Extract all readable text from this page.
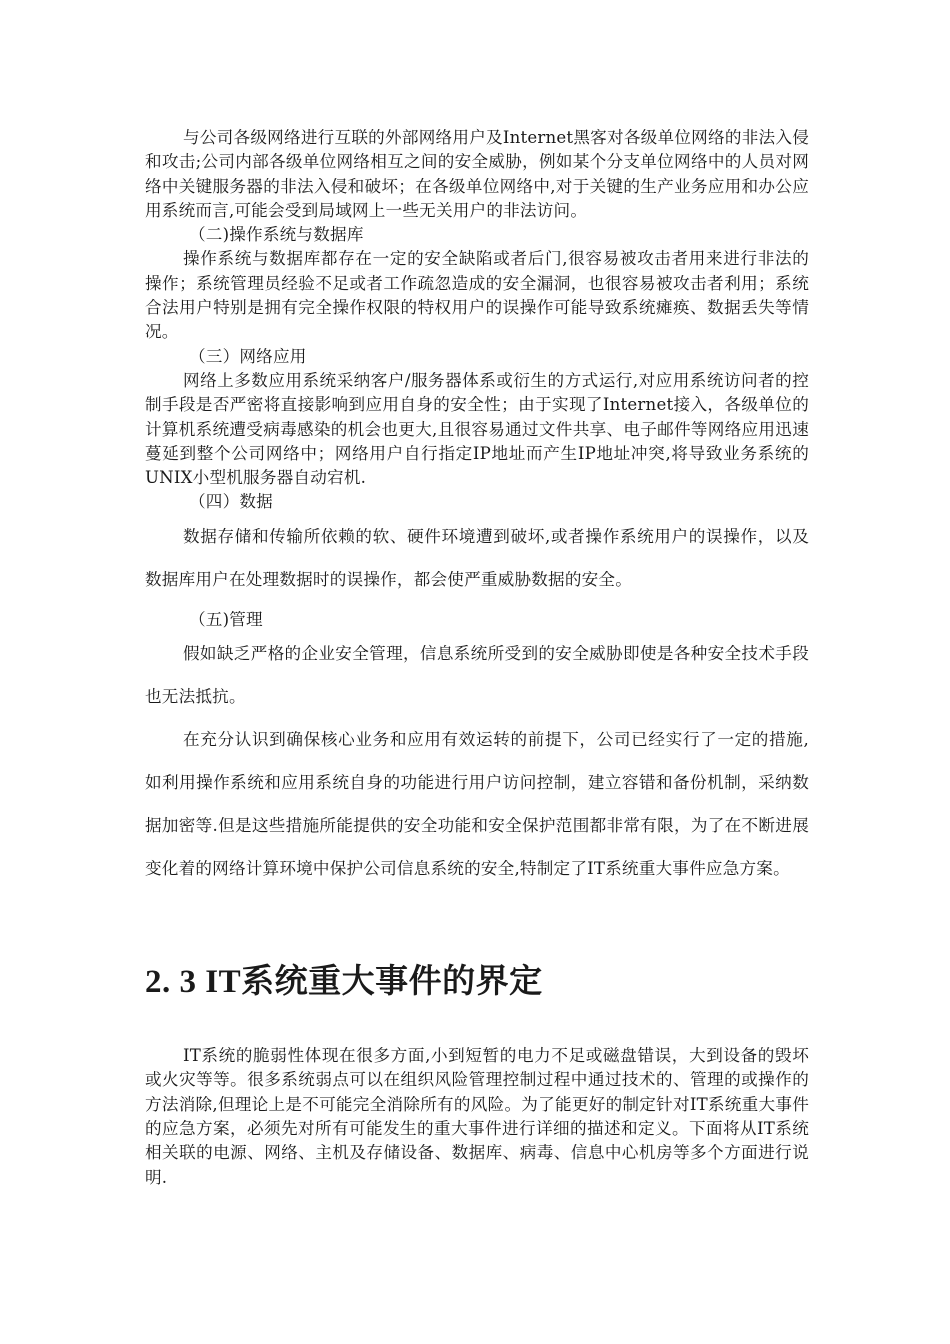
与公司各级网络进行互联的外部网络用户及Internet黑客对各级单位网络的非法入侵和攻击;公司内部各级单位网络相互之间的安全威胁，例如某个分支单位网络中的人员对网络中关键服务器的非法入侵和破坏；在各级单位网络中,对于关键的生产业务应用和办公应用系统而言,可能会受到局域网上一些无关用户的非法访问。

（二)操作系统与数据库

操作系统与数据库都存在一定的安全缺陷或者后门,很容易被攻击者用来进行非法的操作；系统管理员经验不足或者工作疏忽造成的安全漏洞，也很容易被攻击者利用；系统合法用户特别是拥有完全操作权限的特权用户的误操作可能导致系统瘫痪、数据丢失等情况。

（三）网络应用

网络上多数应用系统采纳客户/服务器体系或衍生的方式运行,对应用系统访问者的控制手段是否严密将直接影响到应用自身的安全性；由于实现了Internet接入，各级单位的计算机系统遭受病毒感染的机会也更大,且很容易通过文件共享、电子邮件等网络应用迅速蔓延到整个公司网络中；网络用户自行指定IP地址而产生IP地址冲突,将导致业务系统的UNIX小型机服务器自动宕机.

（四）数据

数据存储和传输所依赖的软、硬件环境遭到破坏,或者操作系统用户的误操作，以及数据库用户在处理数据时的误操作，都会使严重威胁数据的安全。

（五)管理

假如缺乏严格的企业安全管理，信息系统所受到的安全威胁即使是各种安全技术手段也无法抵抗。

在充分认识到确保核心业务和应用有效运转的前提下，公司已经实行了一定的措施,如利用操作系统和应用系统自身的功能进行用户访问控制，建立容错和备份机制，采纳数据加密等.但是这些措施所能提供的安全功能和安全保护范围都非常有限，为了在不断进展变化着的网络计算环境中保护公司信息系统的安全,特制定了IT系统重大事件应急方案。

2. 3 IT系统重大事件的界定

IT系统的脆弱性体现在很多方面,小到短暂的电力不足或磁盘错误，大到设备的毁坏或火灾等等。很多系统弱点可以在组织风险管理控制过程中通过技术的、管理的或操作的方法消除,但理论上是不可能完全消除所有的风险。为了能更好的制定针对IT系统重大事件的应急方案，必须先对所有可能发生的重大事件进行详细的描述和定义。下面将从IT系统相关联的电源、网络、主机及存储设备、数据库、病毒、信息中心机房等多个方面进行说明.
